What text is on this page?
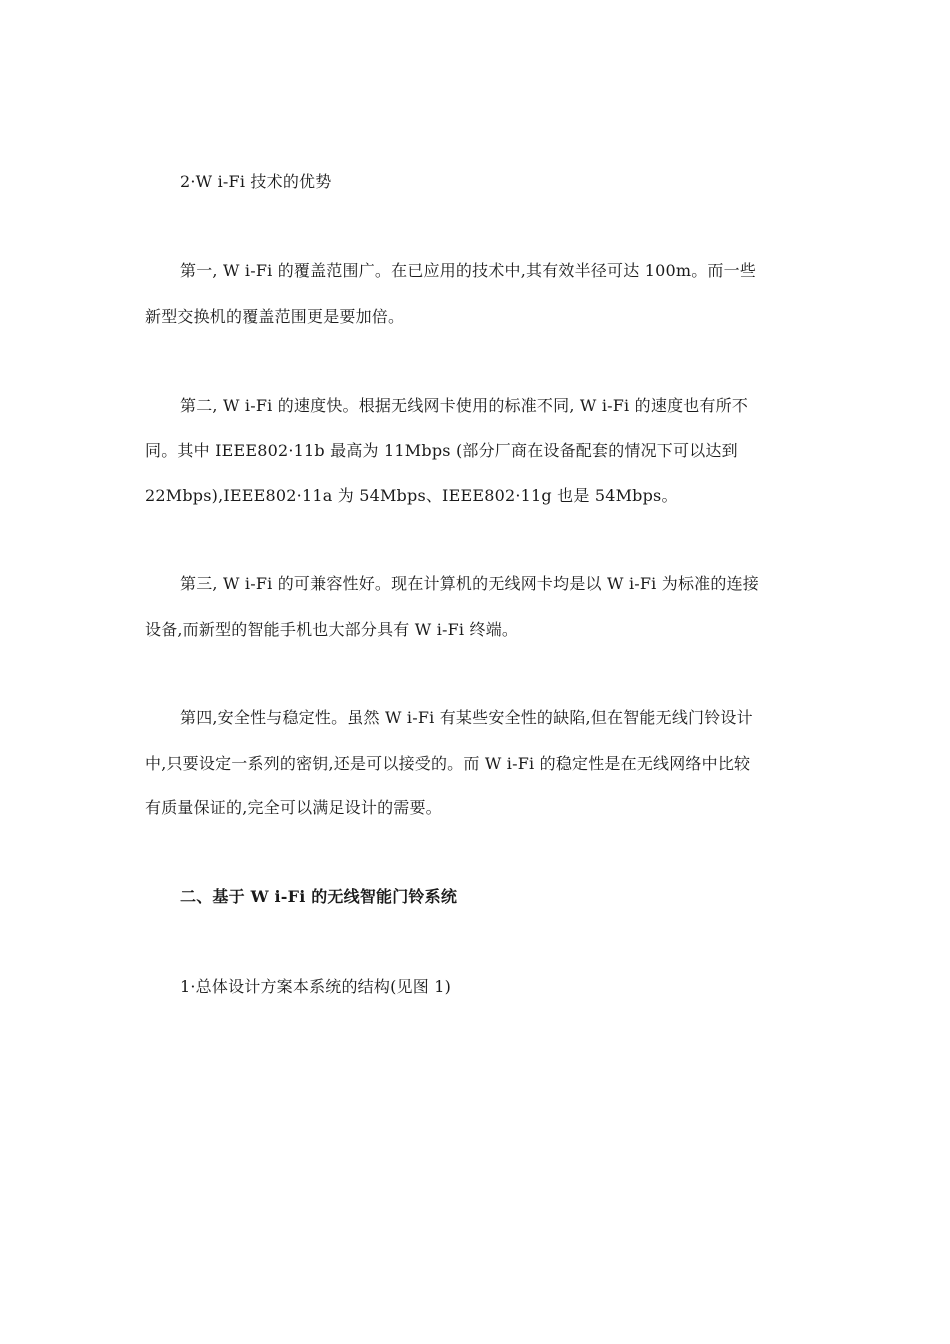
2·W i-Fi 技术的优势
第一, W i-Fi 的覆盖范围广。在已应用的技术中,其有效半径可达 100m。而一些
新型交换机的覆盖范围更是要加倍。
第二, W i-Fi 的速度快。根据无线网卡使用的标准不同, W i-Fi 的速度也有所不
同。其中 IEEE802·11b 最高为 11Mbps (部分厂商在设备配套的情况下可以达到
22Mbps),IEEE802·11a 为 54Mbps、IEEE802·11g 也是 54Mbps。
第三, W i-Fi 的可兼容性好。现在计算机的无线网卡均是以 W i-Fi 为标准的连接
设备,而新型的智能手机也大部分具有 W i-Fi 终端。
第四,安全性与稳定性。虽然 W i-Fi 有某些安全性的缺陷,但在智能无线门铃设计
中,只要设定一系列的密钥,还是可以接受的。而 W i-Fi 的稳定性是在无线网络中比较
有质量保证的,完全可以满足设计的需要。
二、基于 W i-Fi 的无线智能门铃系统
1·总体设计方案本系统的结构(见图 1)
